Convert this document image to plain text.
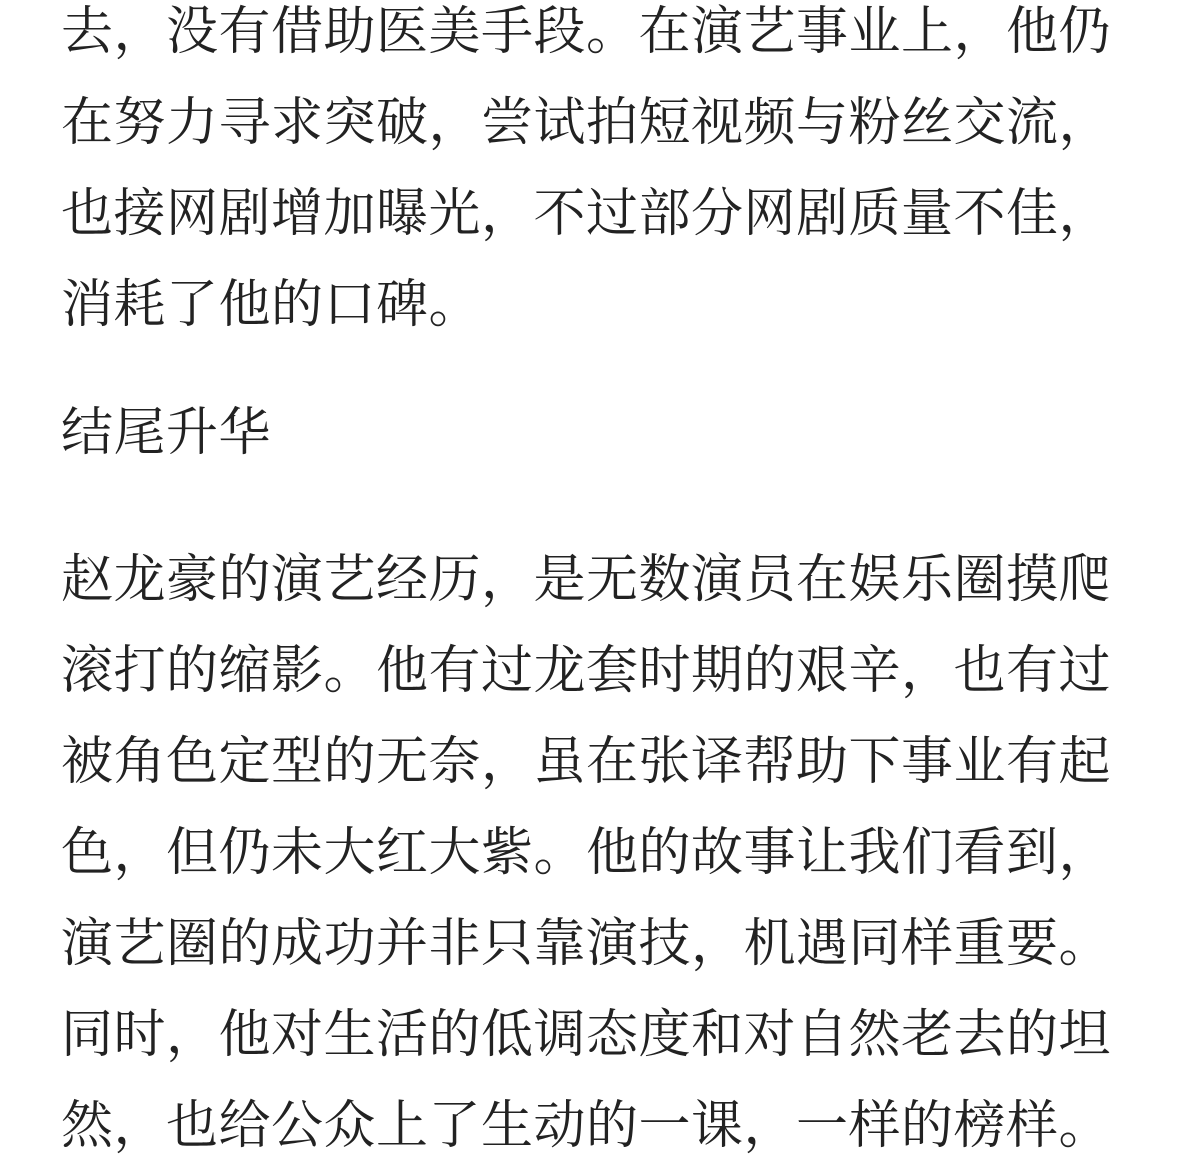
去，没有借助医美手段。在演艺事业上，他仍
在努力寻求突破，尝试拍短视频与粉丝交流，
也接网剧增加曝光，不过部分网剧质量不佳，
消耗了他的口碑。
结尾升华
赵龙豪的演艺经历，是无数演员在娱乐圈摸爬
滚打的缩影。他有过龙套时期的艰辛，也有过
被角色定型的无奈，虽在张译帮助下事业有起
色，但仍未大红大紫。他的故事让我们看到，
演艺圈的成功并非只靠演技，机遇同样重要。
同时，他对生活的低调态度和对自然老去的坦
然，也给公众上了生动的一课，一样的榜样。
